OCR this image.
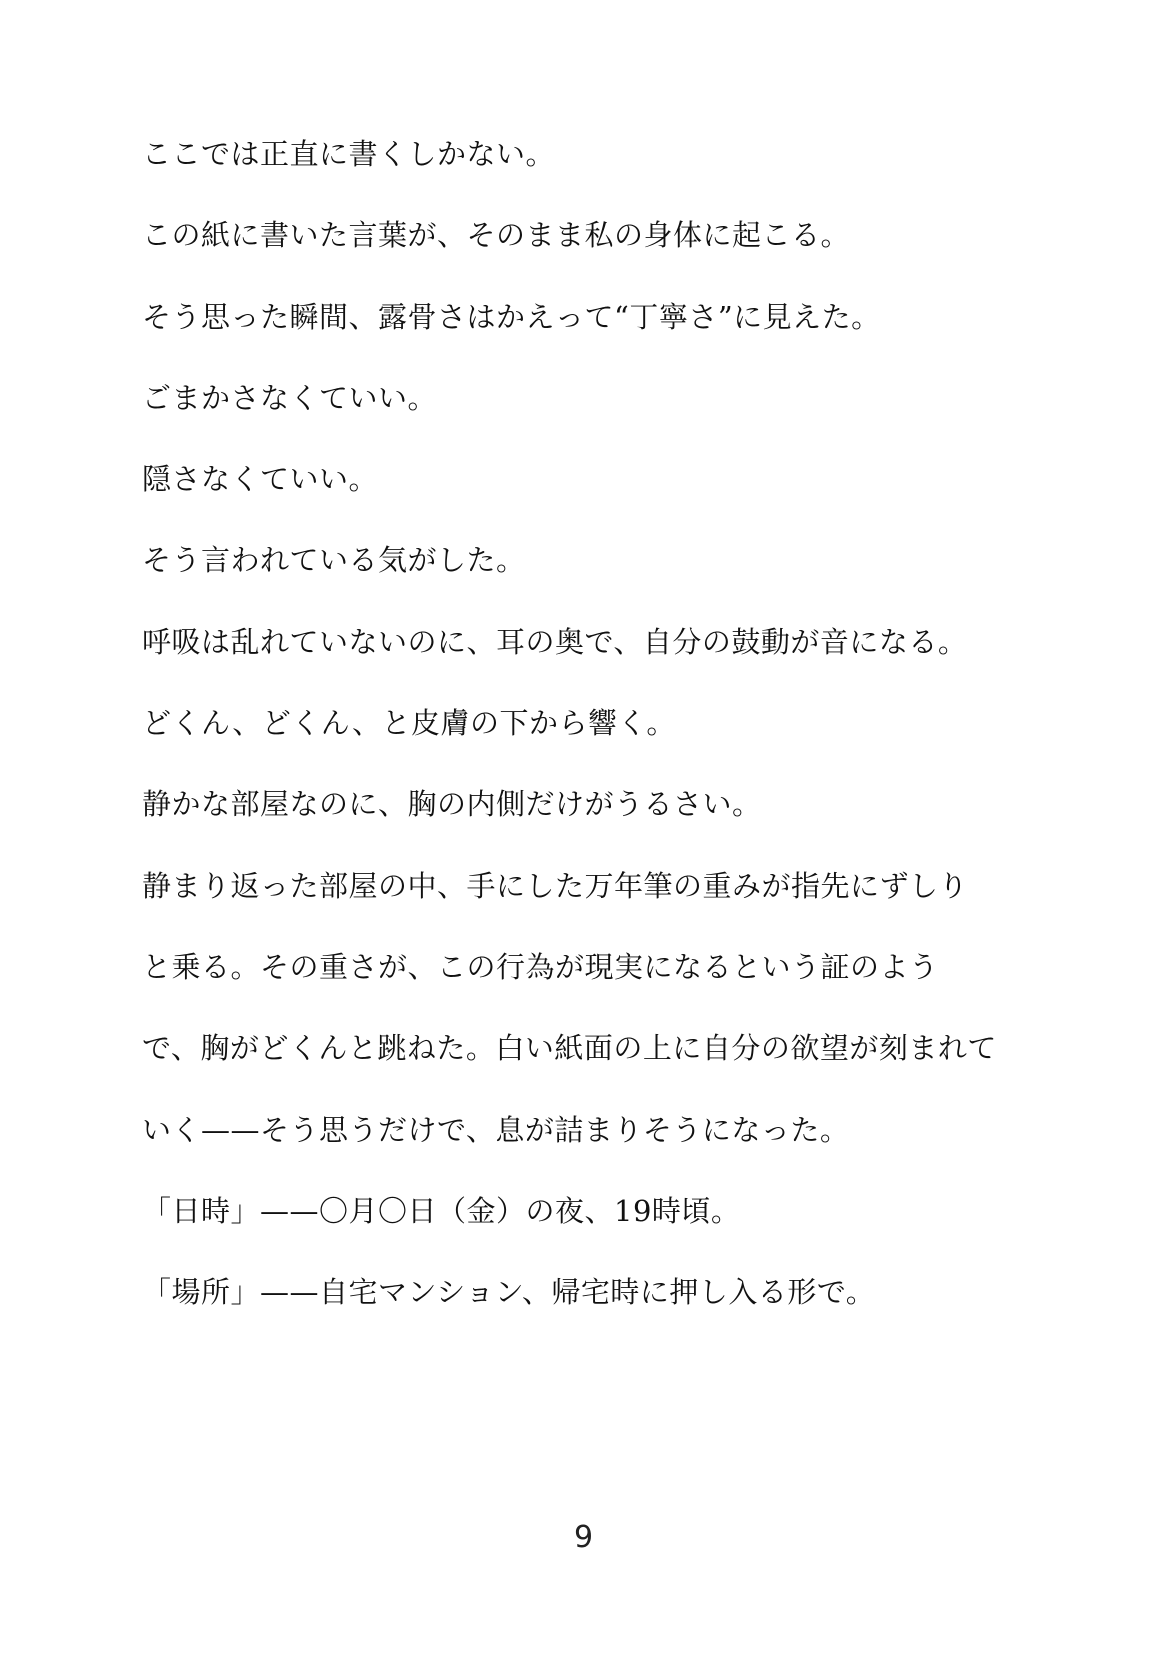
ここでは正直に書くしかない。
この紙に書いた言葉が、そのまま私の身体に起こる。
そう思った瞬間、露骨さはかえって“丁寧さ”に見えた。
ごまかさなくていい。
隠さなくていい。
そう言われている気がした。
呼吸は乱れていないのに、耳の奥で、自分の鼓動が音になる。
どくん、どくん、と皮膚の下から響く。
静かな部屋なのに、胸の内側だけがうるさい。
静まり返った部屋の中、手にした万年筆の重みが指先にずしり
と乗る。その重さが、この行為が現実になるという証のよう
で、胸がどくんと跳ねた。白い紙面の上に自分の欲望が刻まれて
いく——そう思うだけで、息が詰まりそうになった。
「日時」——〇月〇日（金）の夜、19時頃。
「場所」——自宅マンション、帰宅時に押し入る形で。
9
